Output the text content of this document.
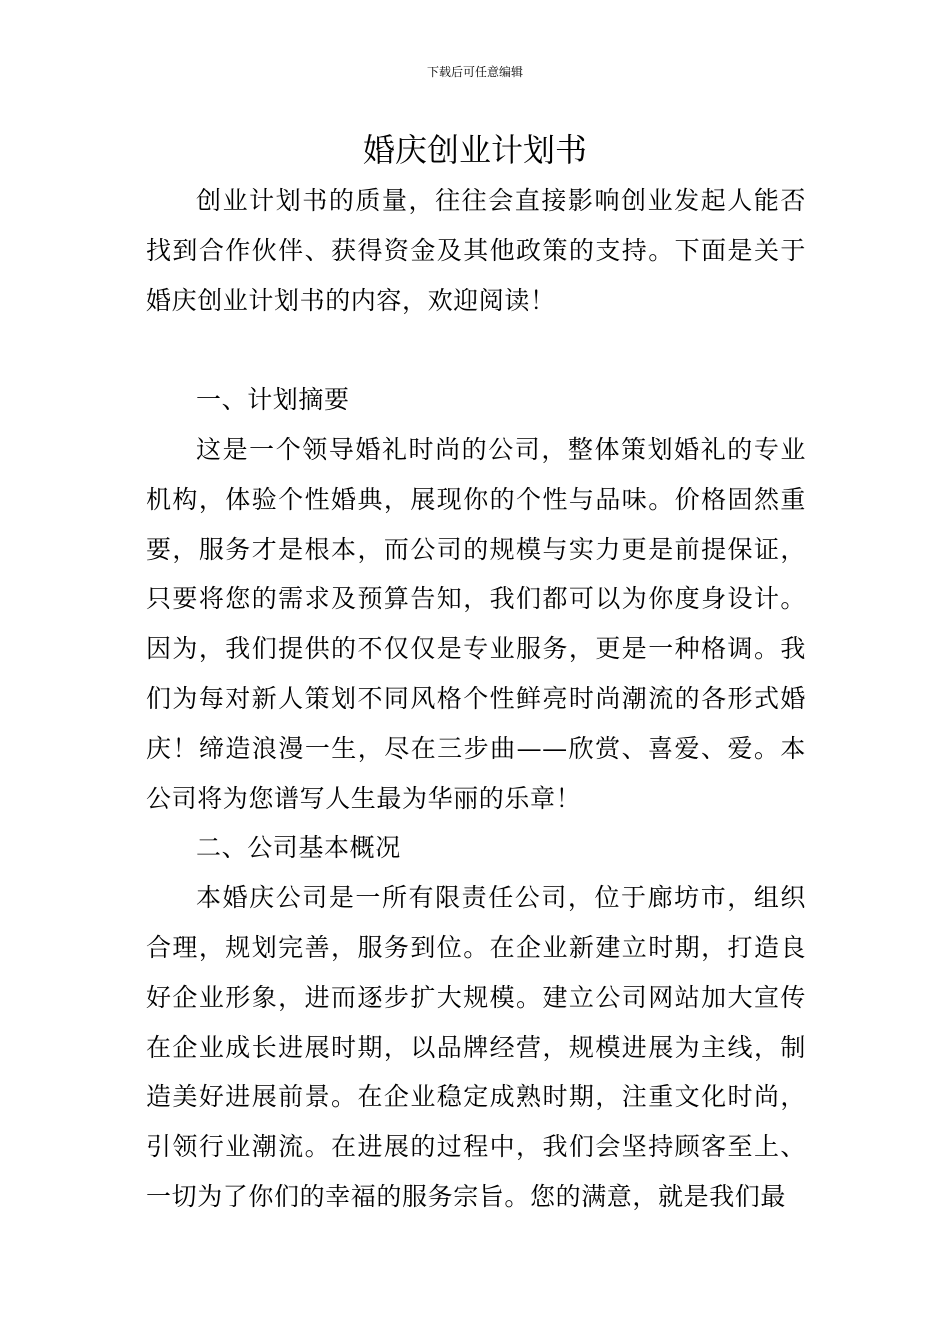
下载后可任意编辑
婚庆创业计划书

创业计划书的质量，往往会直接影响创业发起人能否找到合作伙伴、获得资金及其他政策的支持。下面是关于婚庆创业计划书的内容，欢迎阅读！

一、计划摘要

这是一个领导婚礼时尚的公司，整体策划婚礼的专业机构，体验个性婚典，展现你的个性与品味。价格固然重要，服务才是根本，而公司的规模与实力更是前提保证，只要将您的需求及预算告知，我们都可以为你度身设计。因为，我们提供的不仅仅是专业服务，更是一种格调。我们为每对新人策划不同风格个性鲜亮时尚潮流的各形式婚庆！缔造浪漫一生，尽在三步曲——欣赏、喜爱、爱。本公司将为您谱写人生最为华丽的乐章！

二、公司基本概况

本婚庆公司是一所有限责任公司，位于廊坊市，组织合理，规划完善，服务到位。在企业新建立时期，打造良好企业形象，进而逐步扩大规模。建立公司网站加大宣传在企业成长进展时期，以品牌经营，规模进展为主线，制造美好进展前景。在企业稳定成熟时期，注重文化时尚，引领行业潮流。在进展的过程中，我们会坚持顾客至上、一切为了你们的幸福的服务宗旨。您的满意，就是我们最
